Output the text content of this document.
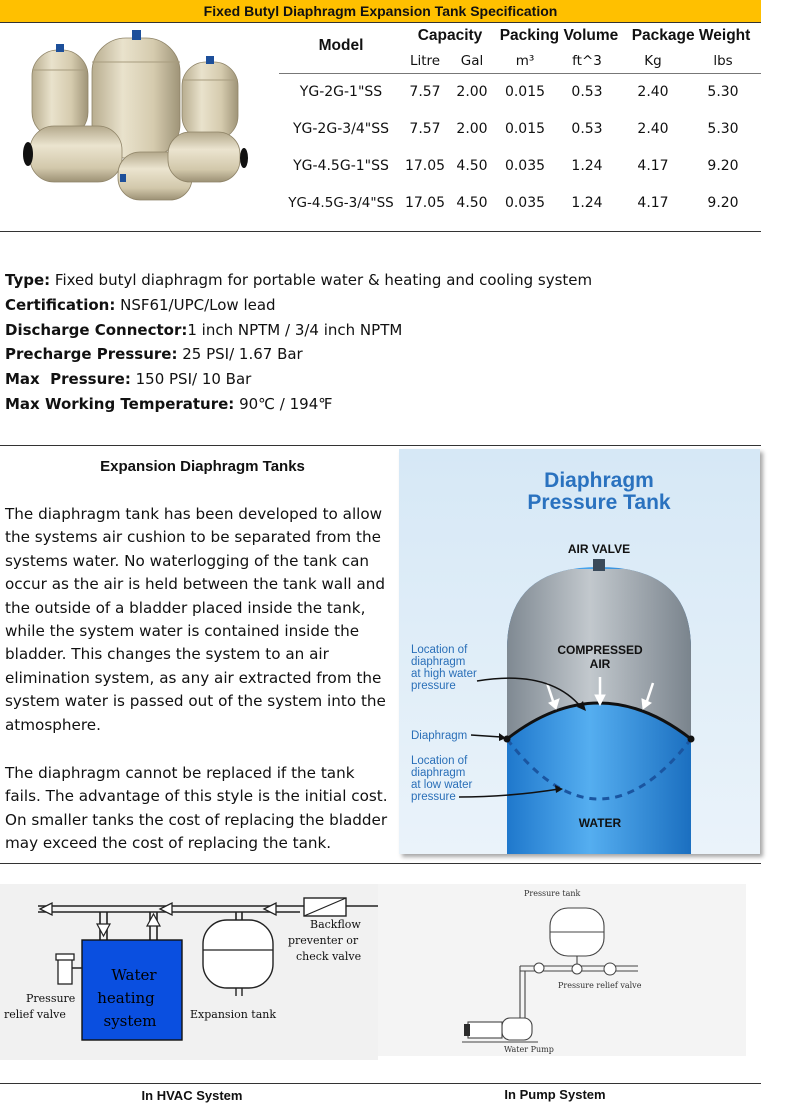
Fixed Butyl Diaphragm Expansion Tank Specification
Model	Capacity		Packing Volume		Package Weight	
	Litre	Gal	m³	ft^3	Kg	lbs
YG-2G-1"SS	7.57	2.00	0.015	0.53	2.40	5.30
YG-2G-3/4"SS	7.57	2.00	0.015	0.53	2.40	5.30
YG-4.5G-1"SS	17.05	4.50	0.035	1.24	4.17	9.20
YG-4.5G-3/4"SS	17.05	4.50	0.035	1.24	4.17	9.20
Type: Fixed butyl diaphragm for portable water & heating and cooling system
Certification: NSF61/UPC/Low lead
Discharge Connector:1 inch NPTM / 3/4 inch NPTM
Precharge Pressure: 25 PSI/ 1.67 Bar
Max  Pressure: 150 PSI/ 10 Bar
Max Working Temperature: 90℃ / 194℉
Expansion Diaphragm Tanks
The diaphragm tank has been developed to allow the systems air cushion to be separated from the systems water. No waterlogging of the tank can occur as the air is held between the tank wall and the outside of a bladder placed inside the tank, while the system water is contained inside the bladder. This changes the system to an air elimination system, as any air extracted from the system water is passed out of the system into the atmosphere.
The diaphragm cannot be replaced if the tank fails. The advantage of this style is the initial cost. On smaller tanks the cost of replacing the bladder may exceed the cost of replacing the tank.
Diaphragm
Pressure Tank
AIR VALVE
COMPRESSED
AIR
WATER
Location of
diaphragm
at high water
pressure
Diaphragm
Location of
diaphragm
at low water
pressure
Water
heating
system
Backflow
preventer or
check valve
Expansion tank
Pressure
relief valve
Pressure tank
Pressure relief valve
Water Pump
In HVAC System	In Pump System
